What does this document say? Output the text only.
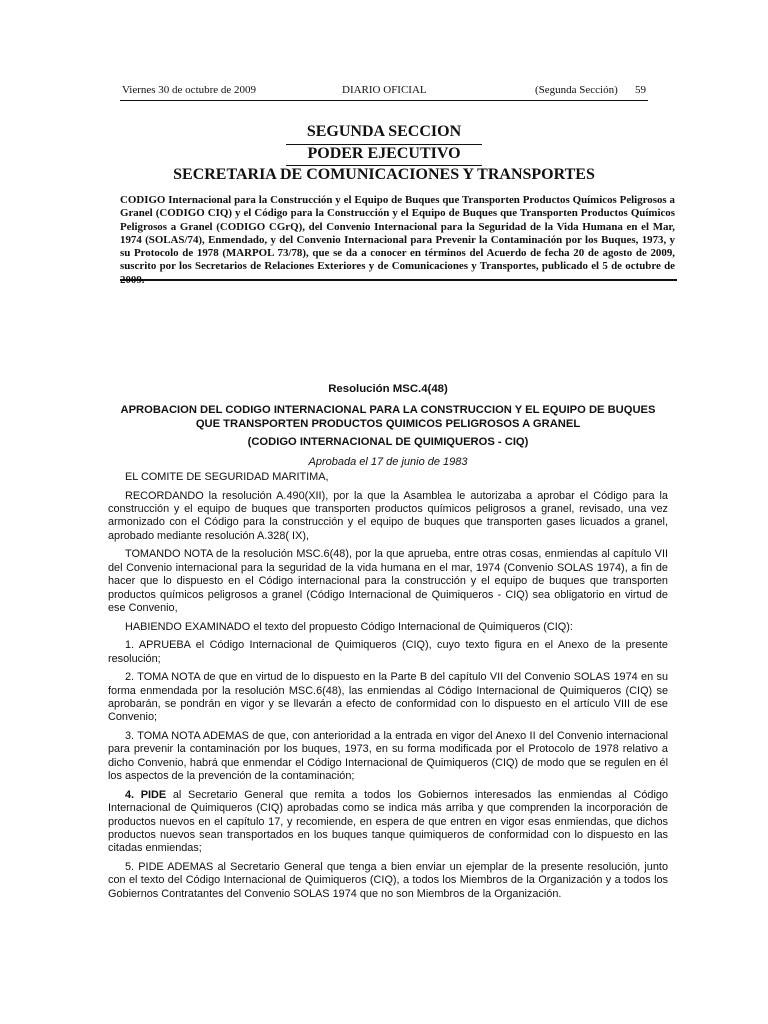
Viernes 30 de octubre de 2009	DIARIO OFICIAL	(Segunda Sección) 59
SEGUNDA SECCION
PODER EJECUTIVO
SECRETARIA DE COMUNICACIONES Y TRANSPORTES

CODIGO Internacional para la Construcción y el Equipo de Buques que Transporten Productos Químicos Peligrosos a Granel (CODIGO CIQ) y el Código para la Construcción y el Equipo de Buques que Transporten Productos Químicos Peligrosos a Granel (CODIGO CGrQ), del Convenio Internacional para la Seguridad de la Vida Humana en el Mar, 1974 (SOLAS/74), Enmendado, y del Convenio Internacional para Prevenir la Contaminación por los Buques, 1973, y su Protocolo de 1978 (MARPOL 73/78), que se da a conocer en términos del Acuerdo de fecha 20 de agosto de 2009, suscrito por los Secretarios de Relaciones Exteriores y de Comunicaciones y Transportes, publicado el 5 de octubre de

Resolución MSC.4(48)

APROBACION DEL CODIGO INTERNACIONAL PARA LA CONSTRUCCION Y EL EQUIPO DE BUQUES
QUE TRANSPORTEN PRODUCTOS QUIMICOS PELIGROSOS A GRANEL

(CODIGO INTERNACIONAL DE QUIMIQUEROS - CIQ)

Aprobada el 17 de junio de 1983

EL COMITE DE SEGURIDAD MARITIMA,

RECORDANDO la resolución A.490(XII), por la que la Asamblea le autorizaba a aprobar el Código para la construcción y el equipo de buques que transporten productos químicos peligrosos a granel, revisado, una vez armonizado con el Código para la construcción y el equipo de buques que transporten gases licuados a granel, aprobado mediante resolución A.328( IX),

TOMANDO NOTA de la resolución MSC.6(48), por la que aprueba, entre otras cosas, enmiendas al capítulo VII del Convenio internacional para la seguridad de la vida humana en el mar, 1974 (Convenio SOLAS 1974), a fin de hacer que lo dispuesto en el Código internacional para la construcción y el equipo de buques que transporten productos químicos peligrosos a granel (Código Internacional de Quimiqueros - CIQ) sea obligatorio en virtud de ese Convenio,

HABIENDO EXAMINADO el texto del propuesto Código Internacional de Quimiqueros (CIQ):

1. APRUEBA el Código Internacional de Quimiqueros (CIQ), cuyo texto figura en el Anexo de la presente resolución;

2. TOMA NOTA de que en virtud de lo dispuesto en la Parte B del capítulo VII del Convenio SOLAS 1974 en su forma enmendada por la resolución MSC.6(48), las enmiendas al Código Internacional de Quimiqueros (CIQ) se aprobarán, se pondrán en vigor y se llevarán a efecto de conformidad con lo dispuesto en el artículo VIII de ese Convenio;

3. TOMA NOTA ADEMAS de que, con anterioridad a la entrada en vigor del Anexo II del Convenio internacional para prevenir la contaminación por los buques, 1973, en su forma modificada por el Protocolo de 1978 relativo a dicho Convenio, habrá que enmendar el Código Internacional de Quimiqueros (CIQ) de modo que se regulen en él los aspectos de la prevención de la contaminación;

4. PIDE al Secretario General que remita a todos los Gobiernos interesados las enmiendas al Código Internacional de Quimiqueros (CIQ) aprobadas como se indica más arriba y que comprenden la incorporación de productos nuevos en el capítulo 17, y recomiende, en espera de que entren en vigor esas enmiendas, que dichos productos nuevos sean transportados en los buques tanque quimiqueros de conformidad con lo dispuesto en las citadas enmiendas;

5. PIDE ADEMAS al Secretario General que tenga a bien enviar un ejemplar de la presente resolución, junto con el texto del Código Internacional de Quimiqueros (CIQ), a todos los Miembros de la Organización y a todos los Gobiernos Contratantes del Convenio SOLAS 1974 que no son Miembros de la Organización.
